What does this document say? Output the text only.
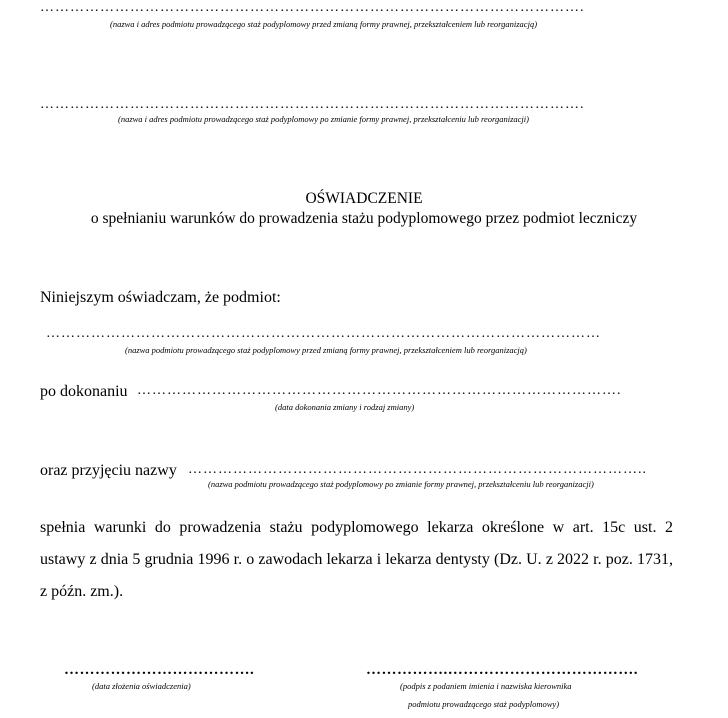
……………………………………………………………………………………………….
(nazwa i adres podmiotu prowadzącego staż podyplomowy przed zmianą formy prawnej, przekształceniem lub reorganizacją)
……………………………………………………………………………………………….
(nazwa i adres podmiotu prowadzącego staż podyplomowy po zmianie formy prawnej, przekształceniu lub reorganizacji)
OŚWIADCZENIE
o spełnianiu warunków do prowadzenia stażu podyplomowego przez podmiot leczniczy
Niniejszym oświadczam, że podmiot:
…………………………………………………………………………………………………
(nazwa podmiotu prowadzącego staż podyplomowy przed zmianą formy prawnej, przekształceniem lub reorganizacją)
po dokonaniu …………………………………………………………………………………….
(data dokonania zmiany i rodzaj zmiany)
oraz przyjęciu nazwy ………………………………………………………………………………..
(nazwa podmiotu prowadzącego staż podyplomowy po zmianie formy prawnej, przekształceniu lub reorganizacji)
spełnia warunki do prowadzenia stażu podyplomowego lekarza określone w art. 15c ust. 2
ustawy z dnia 5 grudnia 1996 r. o zawodach lekarza i lekarza dentysty (Dz. U. z 2022 r. poz. 1731,
z późn. zm.).
……………………………….
(data złożenia oświadczenia)
…………….……………………………….
(podpis z podaniem imienia i nazwiska kierownika
podmiotu prowadzącego staż podyplomowy)
